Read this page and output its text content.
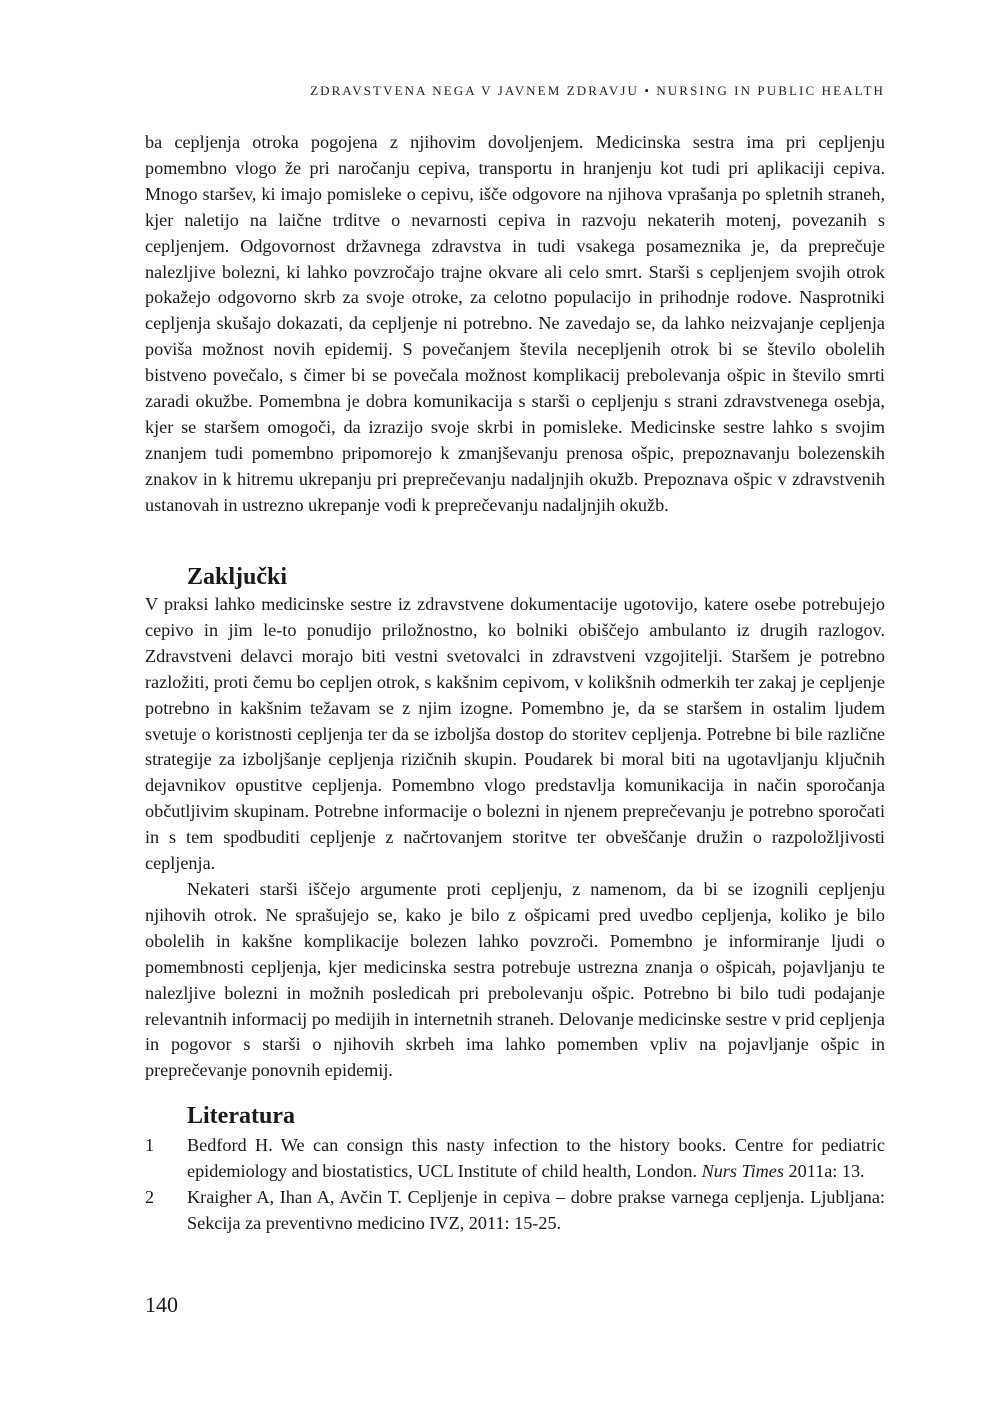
ZDRAVSTVENA NEGA V JAVNEM ZDRAVJU • NURSING IN PUBLIC HEALTH

ba cepljenja otroka pogojena z njihovim dovoljenjem. Medicinska sestra ima pri cepljenju pomembno vlogo že pri naročanju cepiva, transportu in hranjenju kot tudi pri aplikaciji cepiva. Mnogo staršev, ki imajo pomisleke o cepivu, išče odgovore na njihova vprašanja po spletnih straneh, kjer naletijo na laične trditve o nevarnosti cepiva in razvoju nekaterih motenj, povezanih s cepljenjem. Odgovornost državnega zdravstva in tudi vsakega posameznika je, da preprečuje nalezljive bolezni, ki lahko povzročajo trajne okvare ali celo smrt. Starši s cepljenjem svojih otrok pokažejo odgovorno skrb za svoje otroke, za celotno populacijo in prihodnje rodove. Nasprotniki cepljenja skušajo dokazati, da cepljenje ni potrebno. Ne zavedajo se, da lahko neizvajanje cepljenja poviša možnost novih epidemij. S povečanjem števila necepljenih otrok bi se število obolelih bistveno povečalo, s čimer bi se povečala možnost komplikacij prebolevanja ošpic in število smrti zaradi okužbe. Pomembna je dobra komunikacija s starši o cepljenju s strani zdravstvenega osebja, kjer se staršem omogoči, da izrazijo svoje skrbi in pomisleke. Medicinske sestre lahko s svojim znanjem tudi pomembno pripomorejo k zmanjševanju prenosa ošpic, prepoznavanju bolezenskih znakov in k hitremu ukrepanju pri preprečevanju nadaljnjih okužb. Prepoznava ošpic v zdravstvenih ustanovah in ustrezno ukrepanje vodi k preprečevanju nadaljnjih okužb.

Zaključki

V praksi lahko medicinske sestre iz zdravstvene dokumentacije ugotovijo, katere osebe potrebujejo cepivo in jim le-to ponudijo priložnostno, ko bolniki obiščejo ambulanto iz drugih razlogov. Zdravstveni delavci morajo biti vestni svetovalci in zdravstveni vzgojitelji. Staršem je potrebno razložiti, proti čemu bo cepljen otrok, s kakšnim cepivom, v kolikšnih odmerkih ter zakaj je cepljenje potrebno in kakšnim težavam se z njim izogne. Pomembno je, da se staršem in ostalim ljudem svetuje o koristnosti cepljenja ter da se izboljša dostop do storitev cepljenja. Potrebne bi bile različne strategije za izboljšanje cepljenja rizičnih skupin. Poudarek bi moral biti na ugotavljanju ključnih dejavnikov opustitve cepljenja. Pomembno vlogo predstavlja komunikacija in način sporočanja občutljivim skupinam. Potrebne informacije o bolezni in njenem preprečevanju je potrebno sporočati in s tem spodbuditi cepljenje z načrtovanjem storitve ter obveščanje družin o razpoložljivosti cepljenja.

Nekateri starši iščejo argumente proti cepljenju, z namenom, da bi se izognili cepljenju njihovih otrok. Ne sprašujejo se, kako je bilo z ošpicami pred uvedbo cepljenja, koliko je bilo obolelih in kakšne komplikacije bolezen lahko povzroči. Pomembno je informiranje ljudi o pomembnosti cepljenja, kjer medicinska sestra potrebuje ustrezna znanja o ošpicah, pojavljanju te nalezljive bolezni in možnih posledicah pri prebolevanju ošpic. Potrebno bi bilo tudi podajanje relevantnih informacij po medijih in internetnih straneh. Delovanje medicinske sestre v prid cepljenja in pogovor s starši o njihovih skrbeh ima lahko pomemben vpliv na pojavljanje ošpic in preprečevanje ponovnih epidemij.

Literatura
1	Bedford H. We can consign this nasty infection to the history books. Centre for pediatric epidemiology and biostatistics, UCL Institute of child health, London. Nurs Times 2011a: 13.
2	Kraigher A, Ihan A, Avčin T. Cepljenje in cepiva – dobre prakse varnega cepljenja. Ljubljana: Sekcija za preventivno medicino IVZ, 2011: 15-25.
140
